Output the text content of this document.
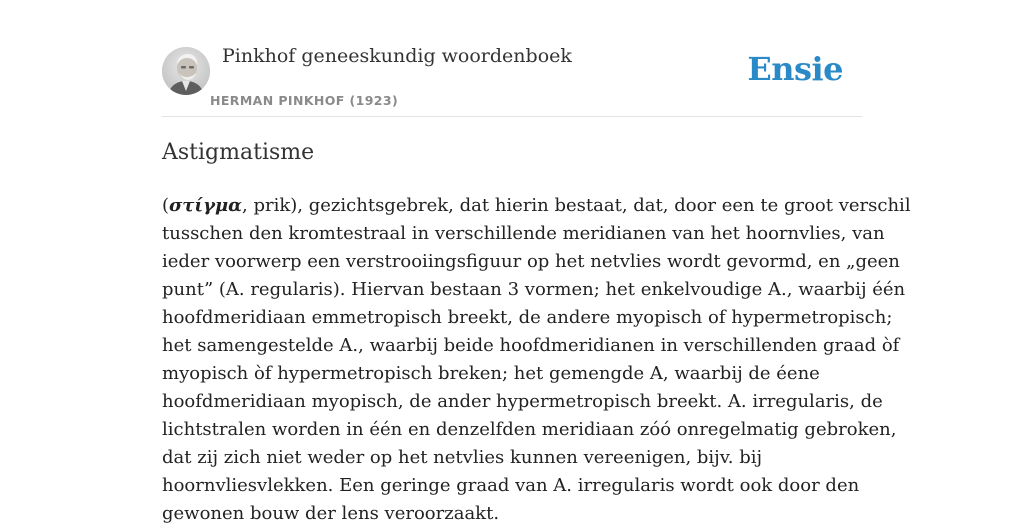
Pinkhof geneeskundig woordenboek
HERMAN PINKHOF (1923)
Ensie
Astigmatisme
(στίγμα, prik), gezichtsgebrek, dat hierin bestaat, dat, door een te groot verschil
tusschen den kromtestraal in verschillende meridianen van het hoornvlies, van
ieder voorwerp een verstrooiingsfiguur op het netvlies wordt gevormd, en „geen
punt” (A. regularis). Hiervan bestaan 3 vormen; het enkelvoudige A., waarbij één
hoofdmeridiaan emmetropisch breekt, de andere myopisch of hypermetropisch;
het samengestelde A., waarbij beide hoofdmeridianen in verschillenden graad òf
myopisch òf hypermetropisch breken; het gemengde A, waarbij de éene
hoofdmeridiaan myopisch, de ander hypermetropisch breekt. A. irregularis, de
lichtstralen worden in één en denzelfden meridiaan zóó onregelmatig gebroken,
dat zij zich niet weder op het netvlies kunnen vereenigen, bijv. bij
hoornvliesvlekken. Een geringe graad van A. irregularis wordt ook door den
gewonen bouw der lens veroorzaakt.
